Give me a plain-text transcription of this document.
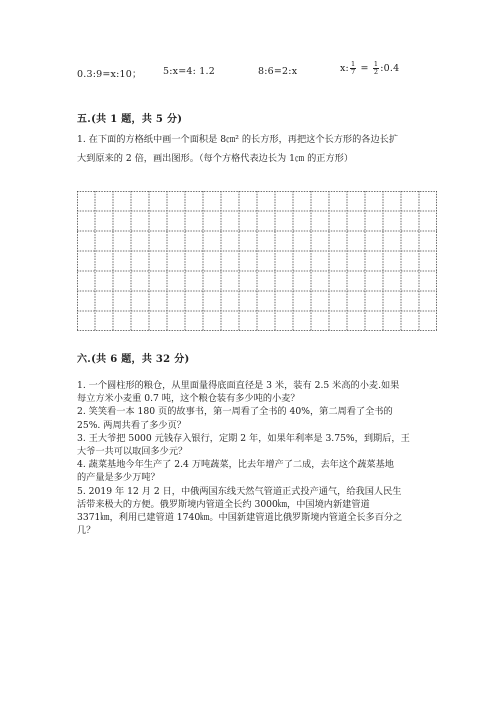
0.3:9=x:10； 5:x=4: 1.2	8:6=2:x	x: $\frac{1}{7} = \frac{1}{2}$ :0.4
五.(共 1 题，共 5 分)
1. 在下面的方格纸中画一个面积是 8㎝² 的长方形，再把这个长方形的各边长扩
大到原来的 2 倍，画出图形。（每个方格代表边长为 1㎝ 的正方形）
六.(共 6 题，共 32 分)
1. 一个圆柱形的粮仓，从里面量得底面直径是 3 米，装有 2.5 米高的小麦.如果
每立方米小麦重 0.7 吨，这个粮仓装有多少吨的小麦？
2. 笑笑看一本 180 页的故事书，第一周看了全书的 40%，第二周看了全书的
25%. 两周共看了多少页？
3. 王大爷把 5000 元钱存入银行，定期 2 年，如果年利率是 3.75%，到期后，王
大爷一共可以取回多少元？
4. 蔬菜基地今年生产了 2.4 万吨蔬菜，比去年增产了二成，去年这个蔬菜基地
的产量是多少万吨？
5. 2019 年 12 月 2 日，中俄两国东线天然气管道正式投产通气，给我国人民生
活带来极大的方便。俄罗斯境内管道全长约 3000㎞，中国境内新建管道
3371㎞，利用已建管道 1740㎞。中国新建管道比俄罗斯境内管道全长多百分之
几？
